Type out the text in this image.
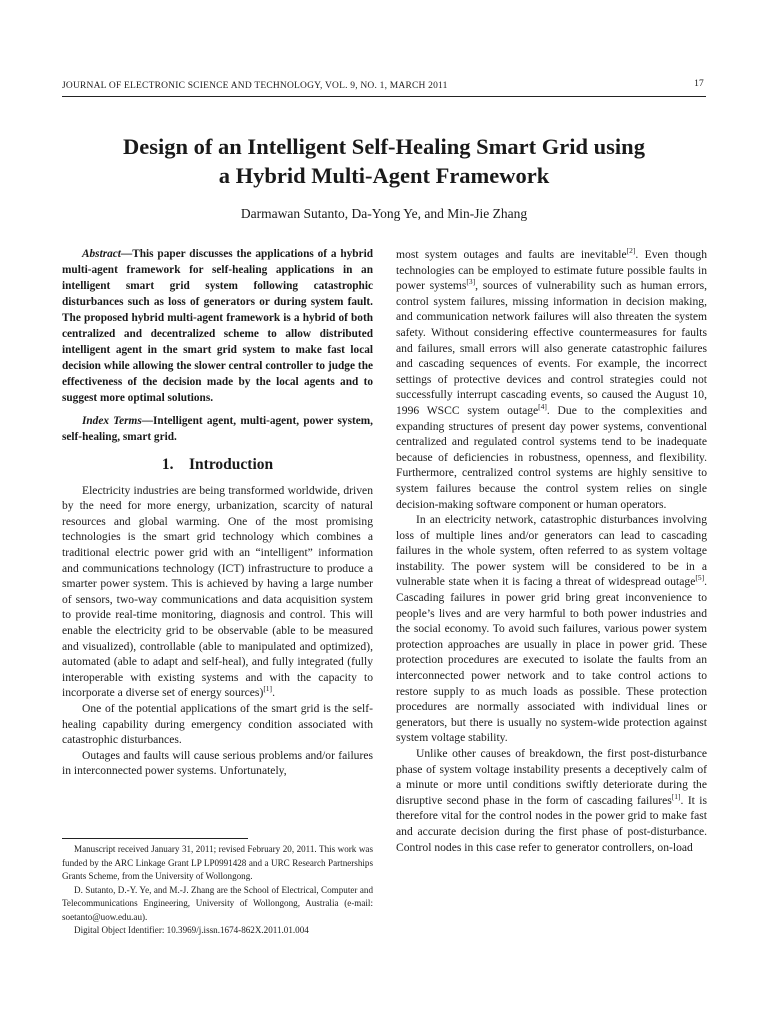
JOURNAL OF ELECTRONIC SCIENCE AND TECHNOLOGY, VOL. 9, NO. 1, MARCH 2011	17
Design of an Intelligent Self-Healing Smart Grid using
a Hybrid Multi-Agent Framework
Darmawan Sutanto, Da-Yong Ye, and Min-Jie Zhang

Abstract—This paper discusses the applications of a hybrid multi-agent framework for self-healing applications in an intelligent smart grid system following catastrophic disturbances such as loss of generators or during system fault. The proposed hybrid multi-agent framework is a hybrid of both centralized and decentralized scheme to allow distributed intelligent agent in the smart grid system to make fast local decision while allowing the slower central controller to judge the effectiveness of the decision made by the local agents and to suggest more optimal solutions.

Index Terms—Intelligent agent, multi-agent, power system, self-healing, smart grid.

1. Introduction

Electricity industries are being transformed worldwide, driven by the need for more energy, urbanization, scarcity of natural resources and global warming. One of the most promising technologies is the smart grid technology which combines a traditional electric power grid with an “intelligent” information and communications technology (ICT) infrastructure to produce a smarter power system. This is achieved by having a large number of sensors, two-way communications and data acquisition system to provide real-time monitoring, diagnosis and control. This will enable the electricity grid to be observable (able to be measured and visualized), controllable (able to manipulated and optimized), automated (able to adapt and self-heal), and fully integrated (fully interoperable with existing systems and with the capacity to incorporate a diverse set of energy sources)[1].

One of the potential applications of the smart grid is the self-healing capability during emergency condition associated with catastrophic disturbances.

Outages and faults will cause serious problems and/or failures in interconnected power systems. Unfortunately,

Manuscript received January 31, 2011; revised February 20, 2011. This work was funded by the ARC Linkage Grant LP LP0991428 and a URC Research Partnerships Grants Scheme, from the University of Wollongong.

D. Sutanto, D.-Y. Ye, and M.-J. Zhang are the School of Electrical, Computer and Telecommunications Engineering, University of Wollongong, Australia (e-mail: soetanto@uow.edu.au).

Digital Object Identifier: 10.3969/j.issn.1674-862X.2011.01.004

most system outages and faults are inevitable[2]. Even though technologies can be employed to estimate future possible faults in power systems[3], sources of vulnerability such as human errors, control system failures, missing information in decision making, and communication network failures will also threaten the system safety. Without considering effective countermeasures for faults and failures, small errors will also generate catastrophic failures and cascading sequences of events. For example, the incorrect settings of protective devices and control strategies could not successfully interrupt cascading events, so caused the August 10, 1996 WSCC system outage[4]. Due to the complexities and expanding structures of present day power systems, conventional centralized and regulated control systems tend to be inadequate because of deficiencies in robustness, openness, and flexibility. Furthermore, centralized control systems are highly sensitive to system failures because the control system relies on single decision-making software component or human operators.

In an electricity network, catastrophic disturbances involving loss of multiple lines and/or generators can lead to cascading failures in the whole system, often referred to as system voltage instability. The power system will be considered to be in a vulnerable state when it is facing a threat of widespread outage[5]. Cascading failures in power grid bring great inconvenience to people’s lives and are very harmful to both power industries and the social economy. To avoid such failures, various power system protection approaches are usually in place in power grid. These protection procedures are executed to isolate the faults from an interconnected power network and to take control actions to restore supply to as much loads as possible. These protection procedures are normally associated with individual lines or generators, but there is usually no system-wide protection against system voltage stability.

Unlike other causes of breakdown, the first post-disturbance phase of system voltage instability presents a deceptively calm of a minute or more until conditions swiftly deteriorate during the disruptive second phase in the form of cascading failures[1]. It is therefore vital for the control nodes in the power grid to make fast and accurate decision during the first phase of post-disturbance. Control nodes in this case refer to generator controllers, on-load
